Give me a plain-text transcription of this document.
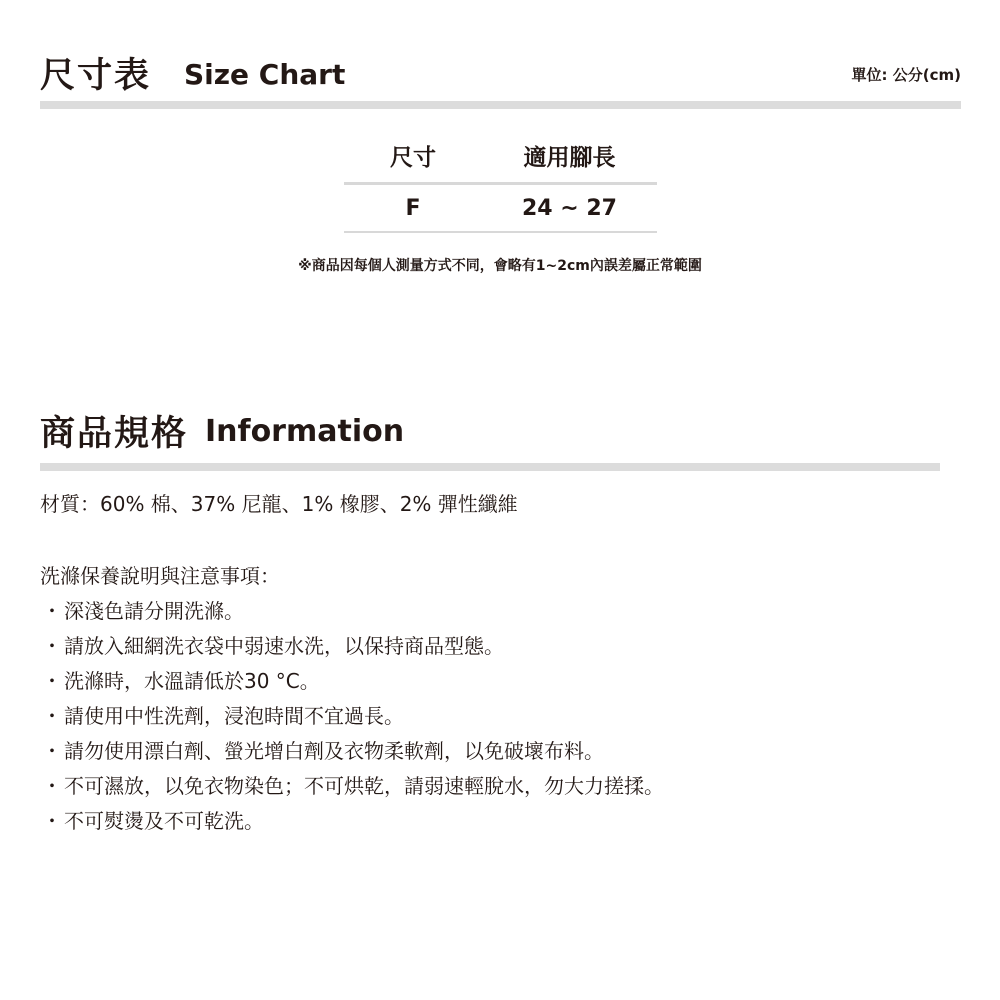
尺寸表 Size Chart	單位: 公分(cm)
尺寸	適用腳長
F	24 ~ 27
※商品因每個人測量方式不同，會略有1~2cm內誤差屬正常範圍
商品規格 Information
材質：60% 棉、37% 尼龍、1% 橡膠、2% 彈性纖維
洗滌保養說明與注意事項：
・ 深淺色請分開洗滌。
・ 請放入細網洗衣袋中弱速水洗，以保持商品型態。
・ 洗滌時，水溫請低於30 °C。
・ 請使用中性洗劑，浸泡時間不宜過長。
・ 請勿使用漂白劑、螢光增白劑及衣物柔軟劑，以免破壞布料。
・ 不可濕放，以免衣物染色；不可烘乾，請弱速輕脫水，勿大力搓揉。
・ 不可熨燙及不可乾洗。
